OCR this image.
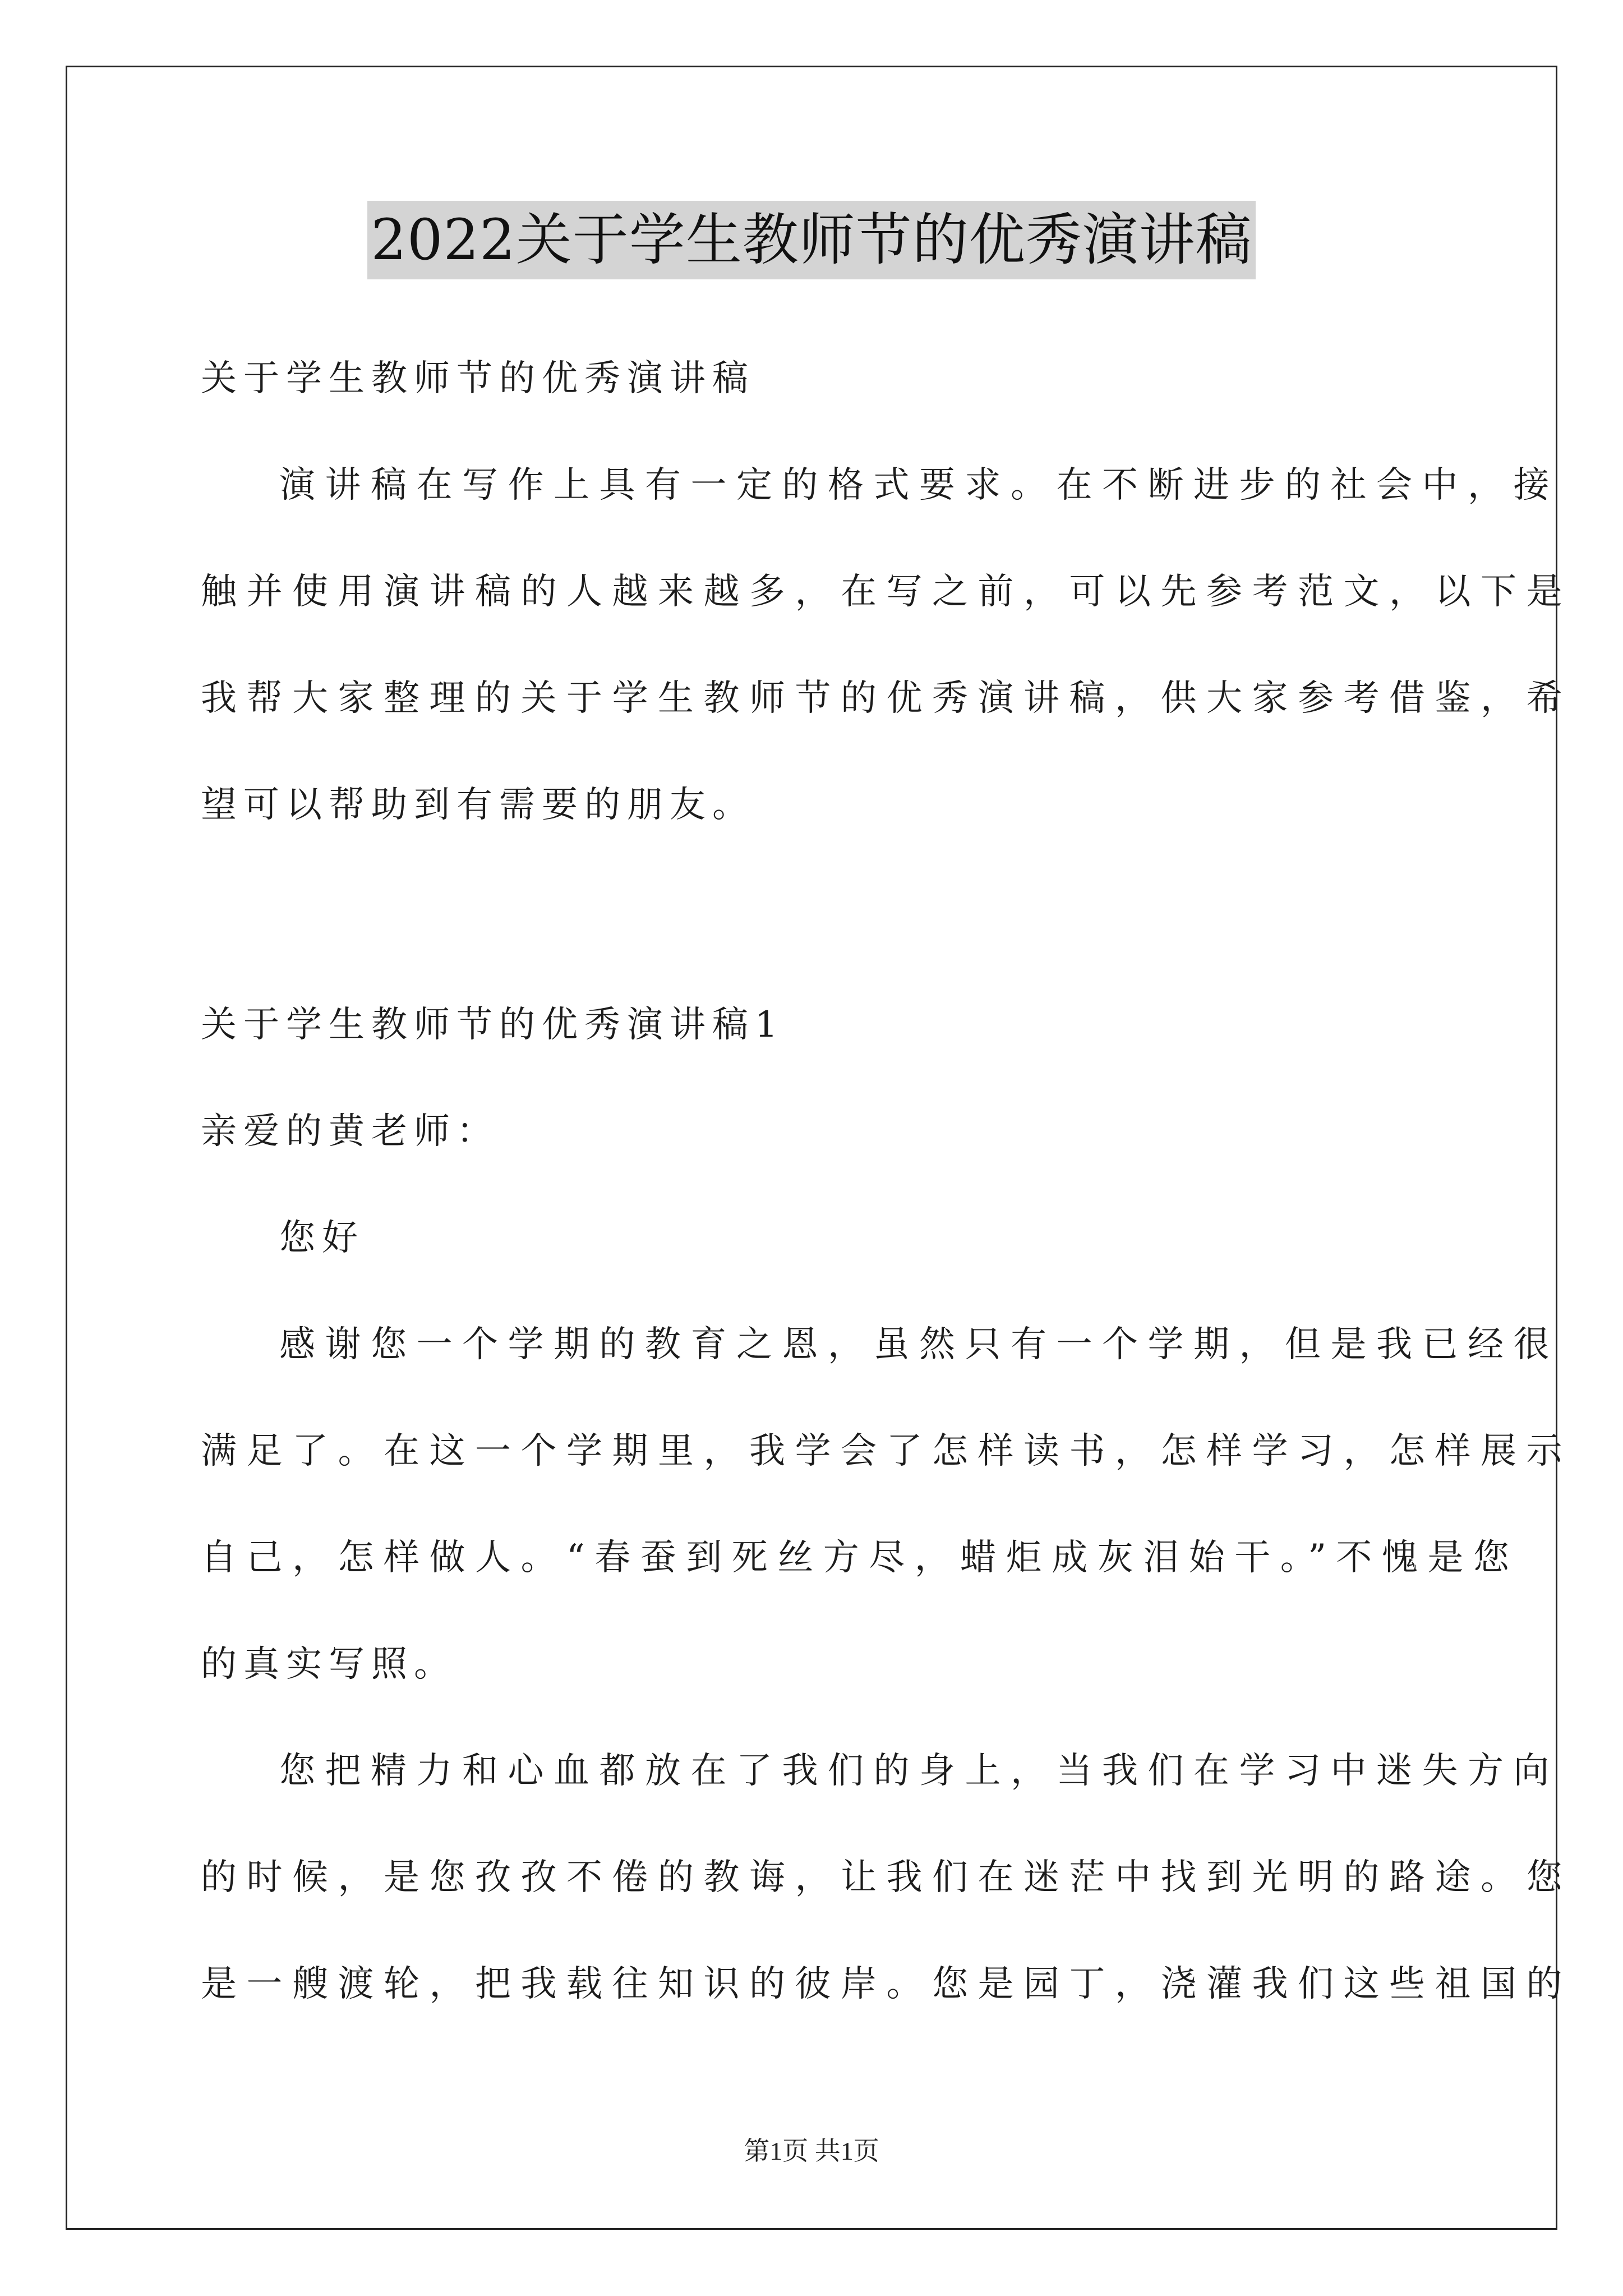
2022关于学生教师节的优秀演讲稿
关于学生教师节的优秀演讲稿
演讲稿在写作上具有一定的格式要求。在不断进步的社会中，接
触并使用演讲稿的人越来越多，在写之前，可以先参考范文，以下是
我帮大家整理的关于学生教师节的优秀演讲稿，供大家参考借鉴，希
望可以帮助到有需要的朋友。
关于学生教师节的优秀演讲稿1
亲爱的黄老师：
您好
感谢您一个学期的教育之恩，虽然只有一个学期，但是我已经很
满足了。在这一个学期里，我学会了怎样读书，怎样学习，怎样展示
自己，怎样做人。“春蚕到死丝方尽，蜡炬成灰泪始干。”不愧是您
的真实写照。
您把精力和心血都放在了我们的身上，当我们在学习中迷失方向
的时候，是您孜孜不倦的教诲，让我们在迷茫中找到光明的路途。您
是一艘渡轮，把我载往知识的彼岸。您是园丁，浇灌我们这些祖国的
第1页 共1页
